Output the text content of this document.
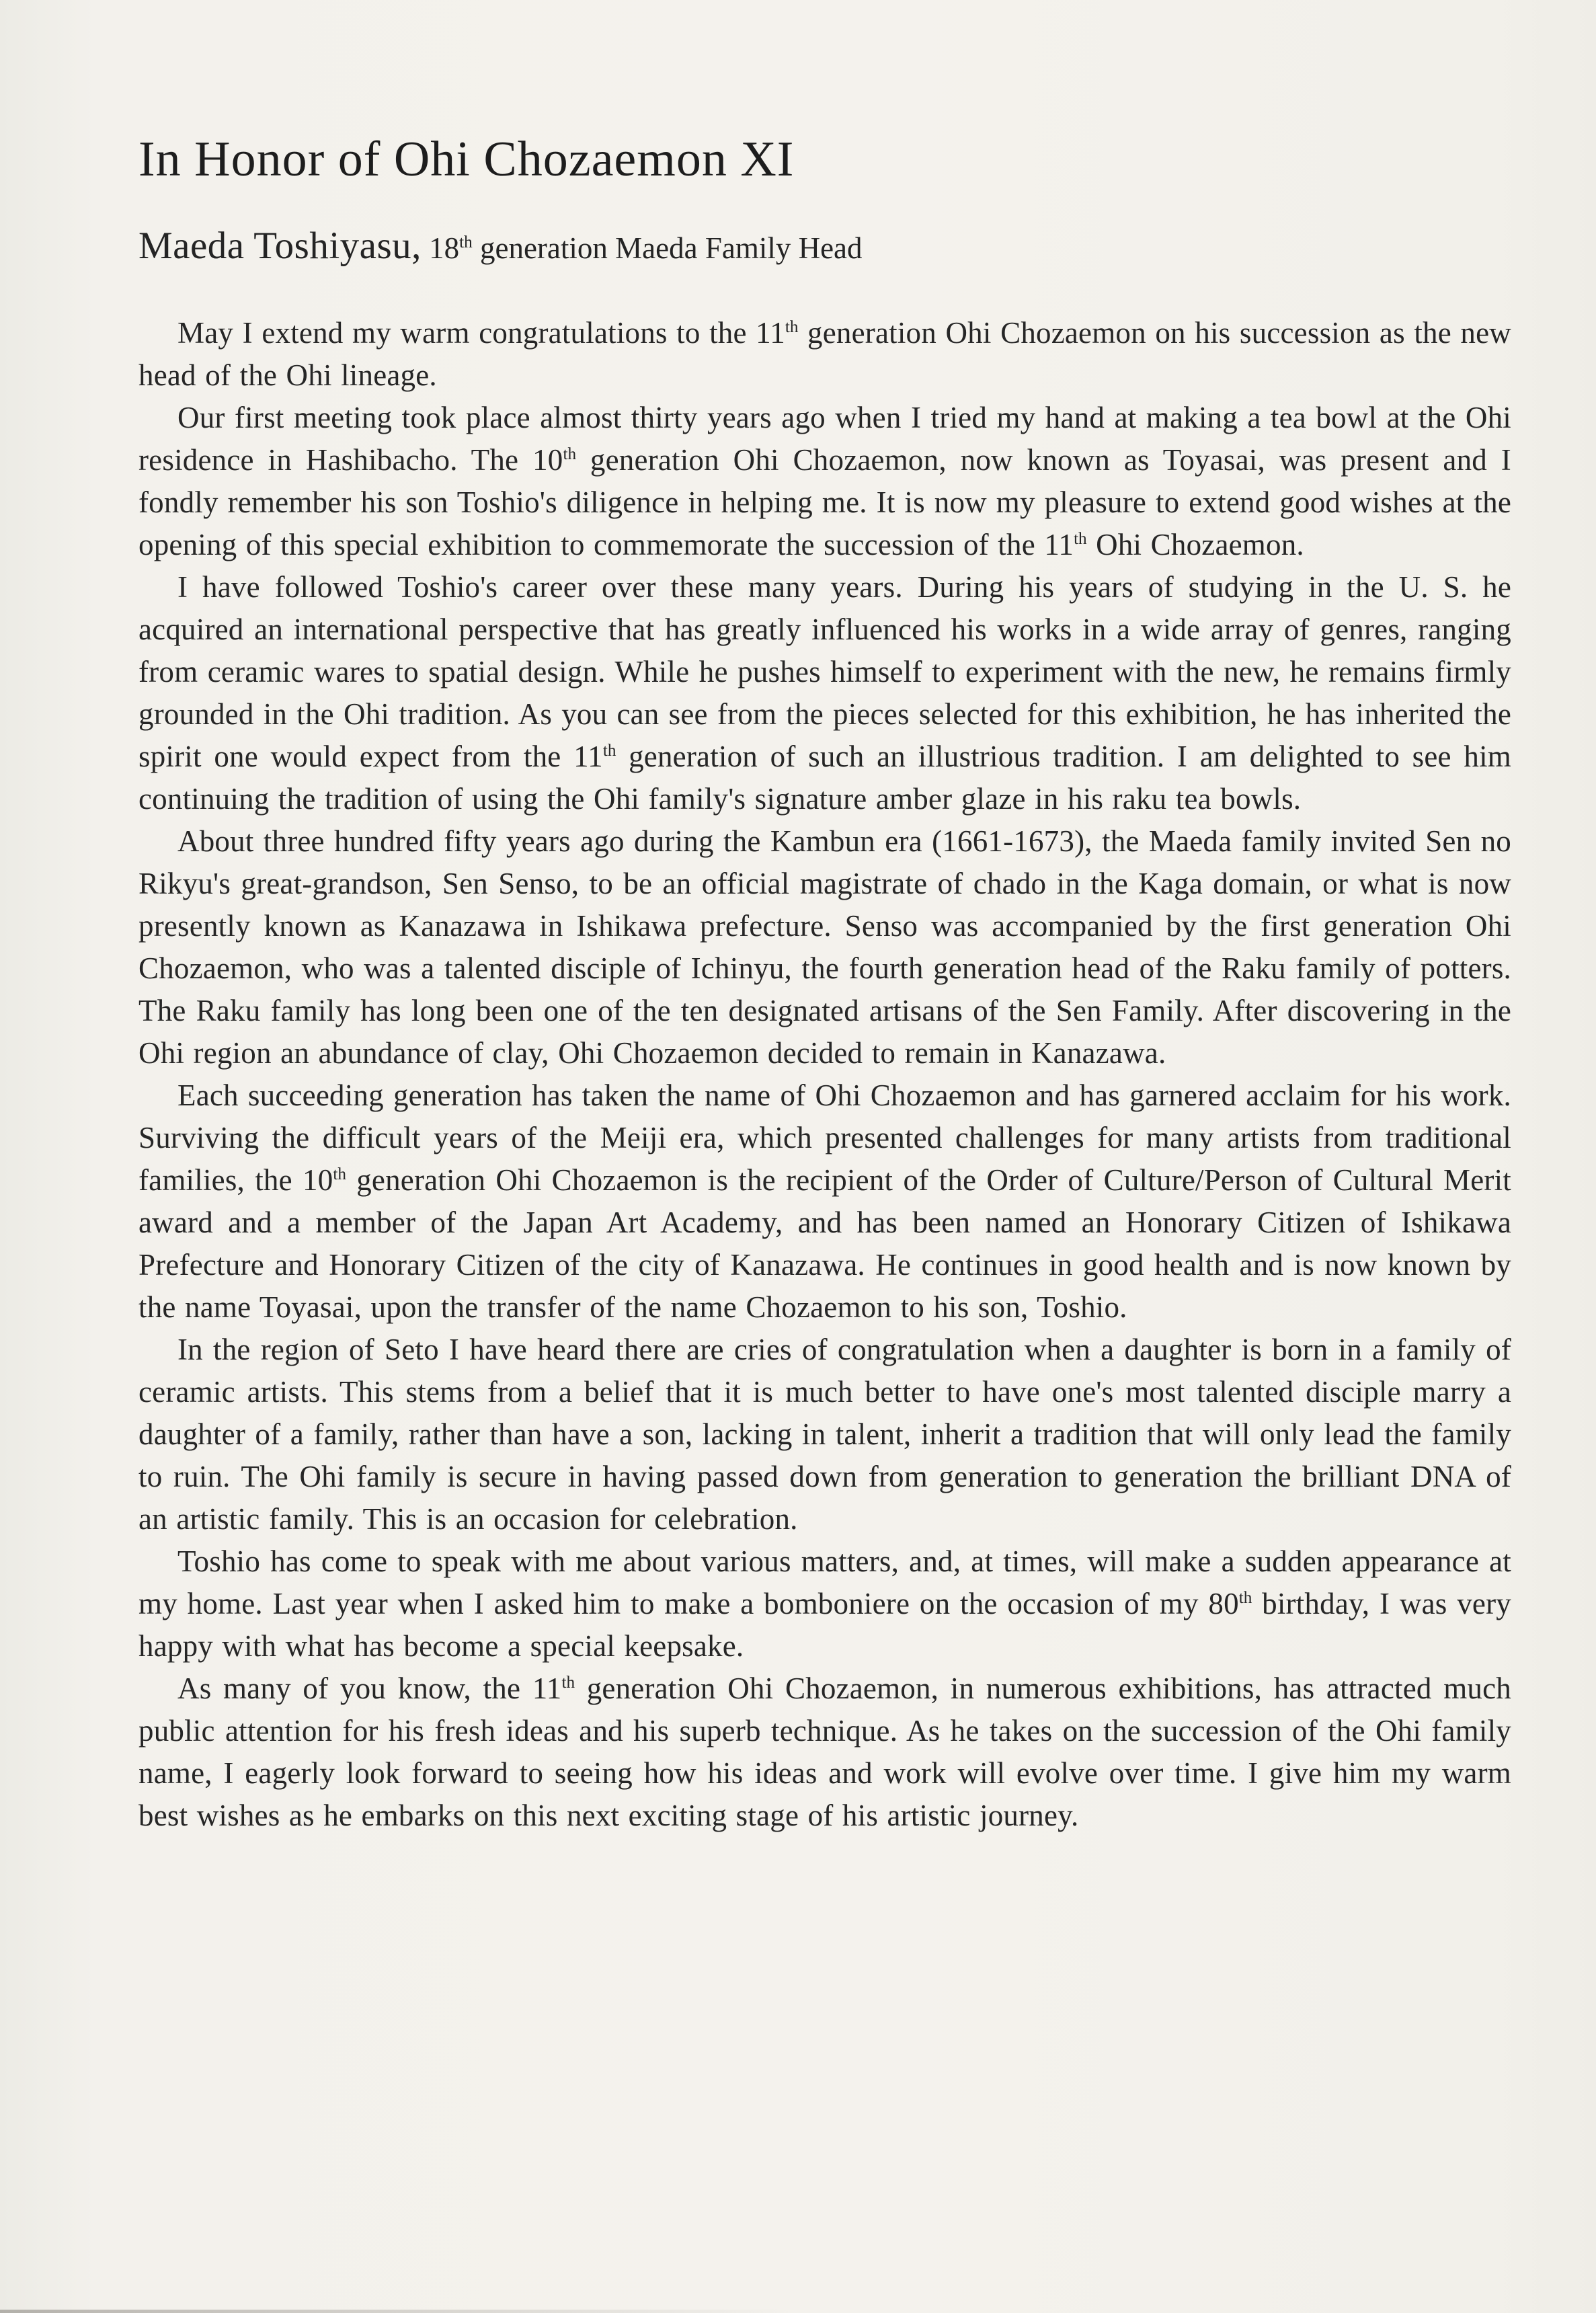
In Honor of Ohi Chozaemon XI

Maeda Toshiyasu, 18th generation Maeda Family Head

May I extend my warm congratulations to the 11th generation Ohi Chozaemon on his succession as the new head of the Ohi lineage.

Our first meeting took place almost thirty years ago when I tried my hand at making a tea bowl at the Ohi residence in Hashibacho. The 10th generation Ohi Chozaemon, now known as Toyasai, was present and I fondly remember his son Toshio's diligence in helping me. It is now my pleasure to extend good wishes at the opening of this special exhibition to commemorate the succession of the 11th Ohi Chozaemon.

I have followed Toshio's career over these many years. During his years of studying in the U. S. he acquired an international perspective that has greatly influenced his works in a wide array of genres, ranging from ceramic wares to spatial design. While he pushes himself to experiment with the new, he remains firmly grounded in the Ohi tradition. As you can see from the pieces selected for this exhibition, he has inherited the spirit one would expect from the 11th generation of such an illustrious tradition. I am delighted to see him continuing the tradition of using the Ohi family's signature amber glaze in his raku tea bowls.

About three hundred fifty years ago during the Kambun era (1661-1673), the Maeda family invited Sen no Rikyu's great-grandson, Sen Senso, to be an official magistrate of chado in the Kaga domain, or what is now presently known as Kanazawa in Ishikawa prefecture. Senso was accompanied by the first generation Ohi Chozaemon, who was a talented disciple of Ichinyu, the fourth generation head of the Raku family of potters. The Raku family has long been one of the ten designated artisans of the Sen Family. After discovering in the Ohi region an abundance of clay, Ohi Chozaemon decided to remain in Kanazawa.

Each succeeding generation has taken the name of Ohi Chozaemon and has garnered acclaim for his work. Surviving the difficult years of the Meiji era, which presented challenges for many artists from traditional families, the 10th generation Ohi Chozaemon is the recipient of the Order of Culture/Person of Cultural Merit award and a member of the Japan Art Academy, and has been named an Honorary Citizen of Ishikawa Prefecture and Honorary Citizen of the city of Kanazawa. He continues in good health and is now known by the name Toyasai, upon the transfer of the name Chozaemon to his son, Toshio.

In the region of Seto I have heard there are cries of congratulation when a daughter is born in a family of ceramic artists. This stems from a belief that it is much better to have one's most talented disciple marry a daughter of a family, rather than have a son, lacking in talent, inherit a tradition that will only lead the family to ruin. The Ohi family is secure in having passed down from generation to generation the brilliant DNA of an artistic family. This is an occasion for celebration.

Toshio has come to speak with me about various matters, and, at times, will make a sudden appearance at my home. Last year when I asked him to make a bomboniere on the occasion of my 80th birthday, I was very happy with what has become a special keepsake.

As many of you know, the 11th generation Ohi Chozaemon, in numerous exhibitions, has attracted much public attention for his fresh ideas and his superb technique. As he takes on the succession of the Ohi family name, I eagerly look forward to seeing how his ideas and work will evolve over time. I give him my warm best wishes as he embarks on this next exciting stage of his artistic journey.
